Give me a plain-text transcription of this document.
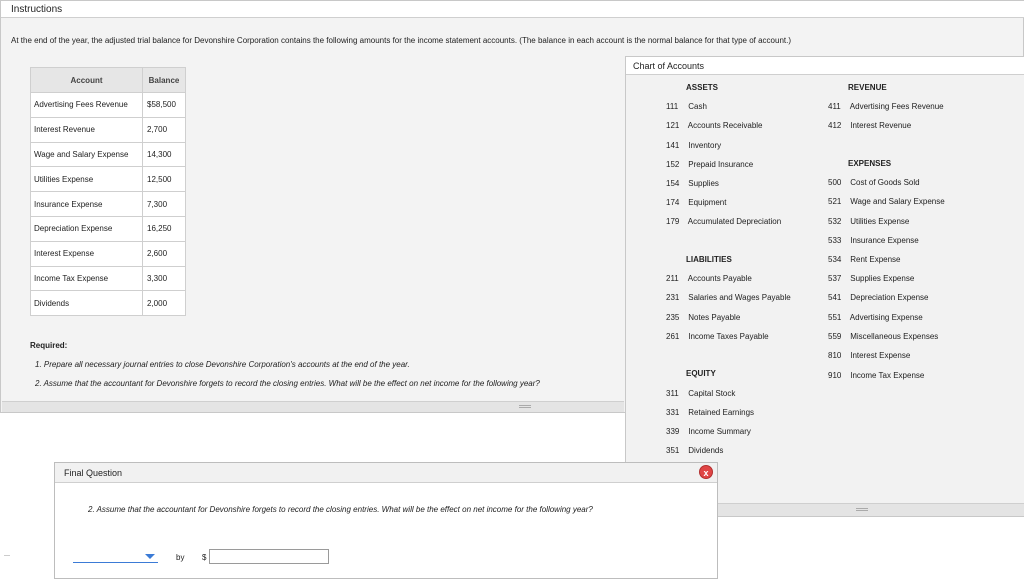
Instructions
At the end of the year, the adjusted trial balance for Devonshire Corporation contains the following amounts for the income statement accounts. (The balance in each account is the normal balance for that type of account.)
Account	Balance
Advertising Fees Revenue	$58,500
Interest Revenue	2,700
Wage and Salary Expense	14,300
Utilities Expense	12,500
Insurance Expense	7,300
Depreciation Expense	16,250
Interest Expense	2,600
Income Tax Expense	3,300
Dividends	2,000
Required:
1. Prepare all necessary journal entries to close Devonshire Corporation's accounts at the end of the year.
2. Assume that the accountant for Devonshire forgets to record the closing entries. What will be the effect on net income for the following year?
Chart of Accounts
ASSETS
111 Cash
121 Accounts Receivable
141 Inventory
152 Prepaid Insurance
154 Supplies
174 Equipment
179 Accumulated Depreciation
LIABILITIES
211 Accounts Payable
231 Salaries and Wages Payable
235 Notes Payable
261 Income Taxes Payable
EQUITY
311 Capital Stock
331 Retained Earnings
339 Income Summary
351 Dividends
REVENUE
411 Advertising Fees Revenue
412 Interest Revenue
EXPENSES
500 Cost of Goods Sold
521 Wage and Salary Expense
532 Utilities Expense
533 Insurance Expense
534 Rent Expense
537 Supplies Expense
541 Depreciation Expense
551 Advertising Expense
559 Miscellaneous Expenses
810 Interest Expense
910 Income Tax Expense
Final Question	x
2. Assume that the accountant for Devonshire forgets to record the closing entries. What will be the effect on net income for the following year?
by $
